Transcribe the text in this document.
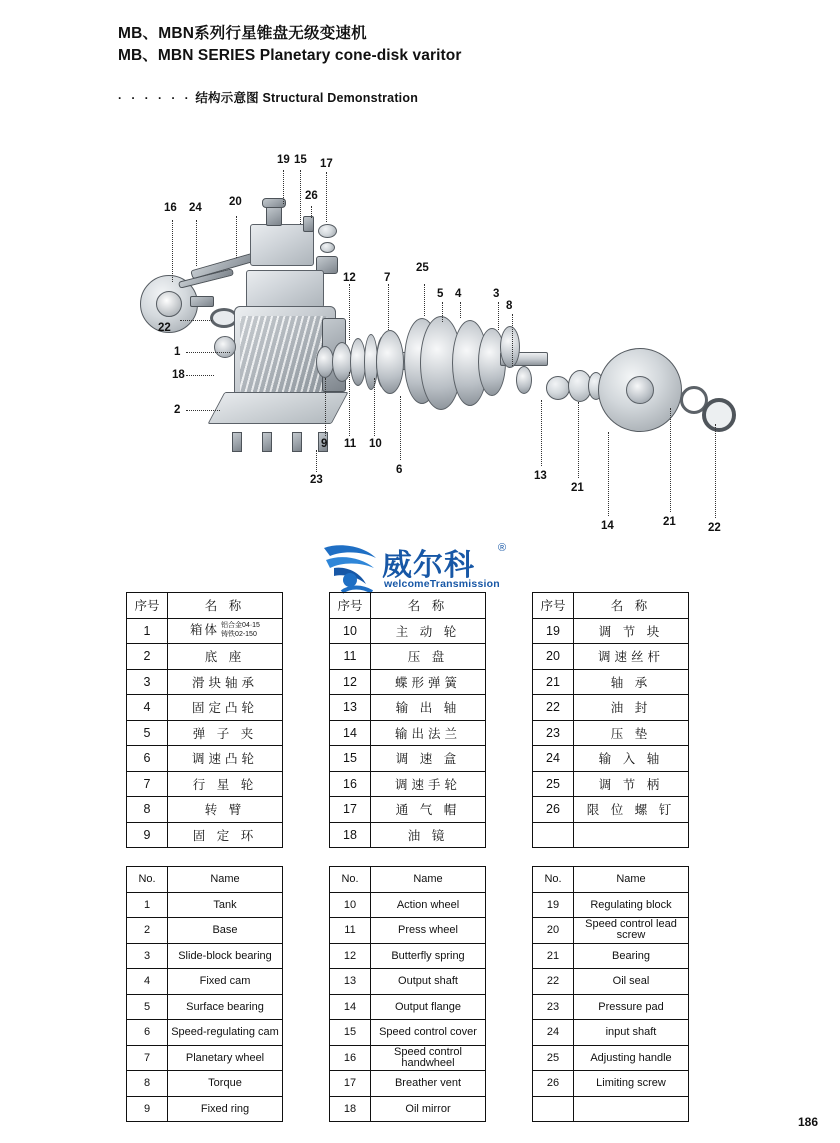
MB、MBN系列行星锥盘无级变速机
MB、MBN SERIES Planetary cone-disk varitor
· · · · · · 结构示意图 Structural Demonstration
19 15 17
26
16 24 20
22
1
18
2
9
23
11 10
6
12 7
25
5 4	3
8
13
21
14	21	22
威尔科
®
welcomeTransmission
序号	名 称
1	箱体 铝合金04·15
铸铁02-150
2	底 座
3	滑块轴承
4	固定凸轮
5	弹 子 夹
6	调速凸轮
7	行 星 轮
8	转 臂
9	固 定 环
序号	名 称
10	主 动 轮
11	压 盘
12	蝶形弹簧
13	输 出 轴
14	输出法兰
15	调 速 盒
16	调速手轮
17	通 气 帽
18	油 镜
序号	名 称
19	调 节 块
20	调速丝杆
21	轴 承
22	油 封
23	压 垫
24	输 入 轴
25	调 节 柄
26	限 位 螺 钉

No.	Name
1	Tank
2	Base
3	Slide-block bearing
4	Fixed cam
5	Surface bearing
6	Speed-regulating cam
7	Planetary wheel
8	Torque
9	Fixed ring
No.	Name
10	Action wheel
11	Press wheel
12	Butterfly spring
13	Output shaft
14	Output flange
15	Speed control cover
16	Speed control handwheel
17	Breather vent
18	Oil mirror
No.	Name
19	Regulating block
20	Speed control lead screw
21	Bearing
22	Oil seal
23	Pressure pad
24	input shaft
25	Adjusting handle
26	Limiting screw

186
